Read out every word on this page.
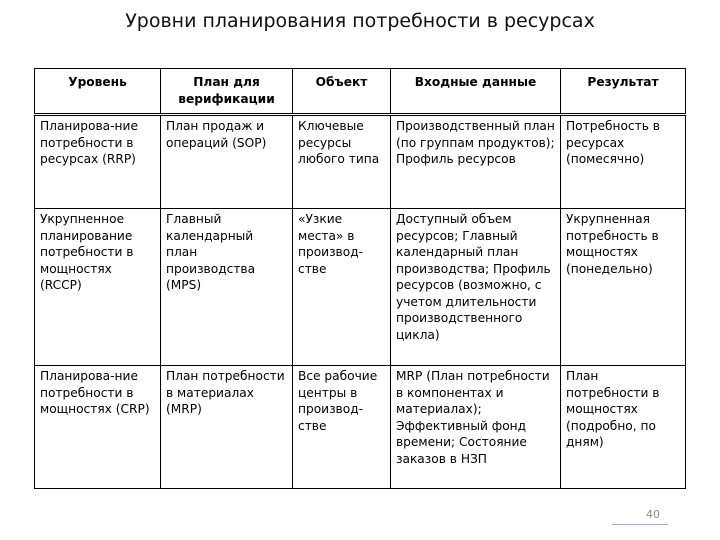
Уровни планирования потребности в ресурсах
Уровень	План для верификации	Объект	Входные данные	Результат
Планирова-ние потребности в ресурсах (RRP)	План продаж и операций (SOP)	Ключевые ресурсы любого типа	Производственный план (по группам продуктов); Профиль ресурсов	Потребность в ресурсах (помесячно)
Укрупненное планирование потребности в мощностях (RCCP)	Главный календарный план производства (MPS)	«Узкие места» в производ-стве	Доступный объем ресурсов; Главный календарный план производства; Профиль ресурсов (возможно, с учетом длительности производственного цикла)	Укрупненная потребность в мощностях (понедельно)
Планирова-ние потребности в мощностях (CRP)	План потребности в материалах (MRP)	Все рабочие центры в производ-стве	MRP (План потребности в компонентах и материалах); Эффективный фонд времени; Состояние заказов в НЗП	План потребности в мощностях (подробно, по дням)
40
